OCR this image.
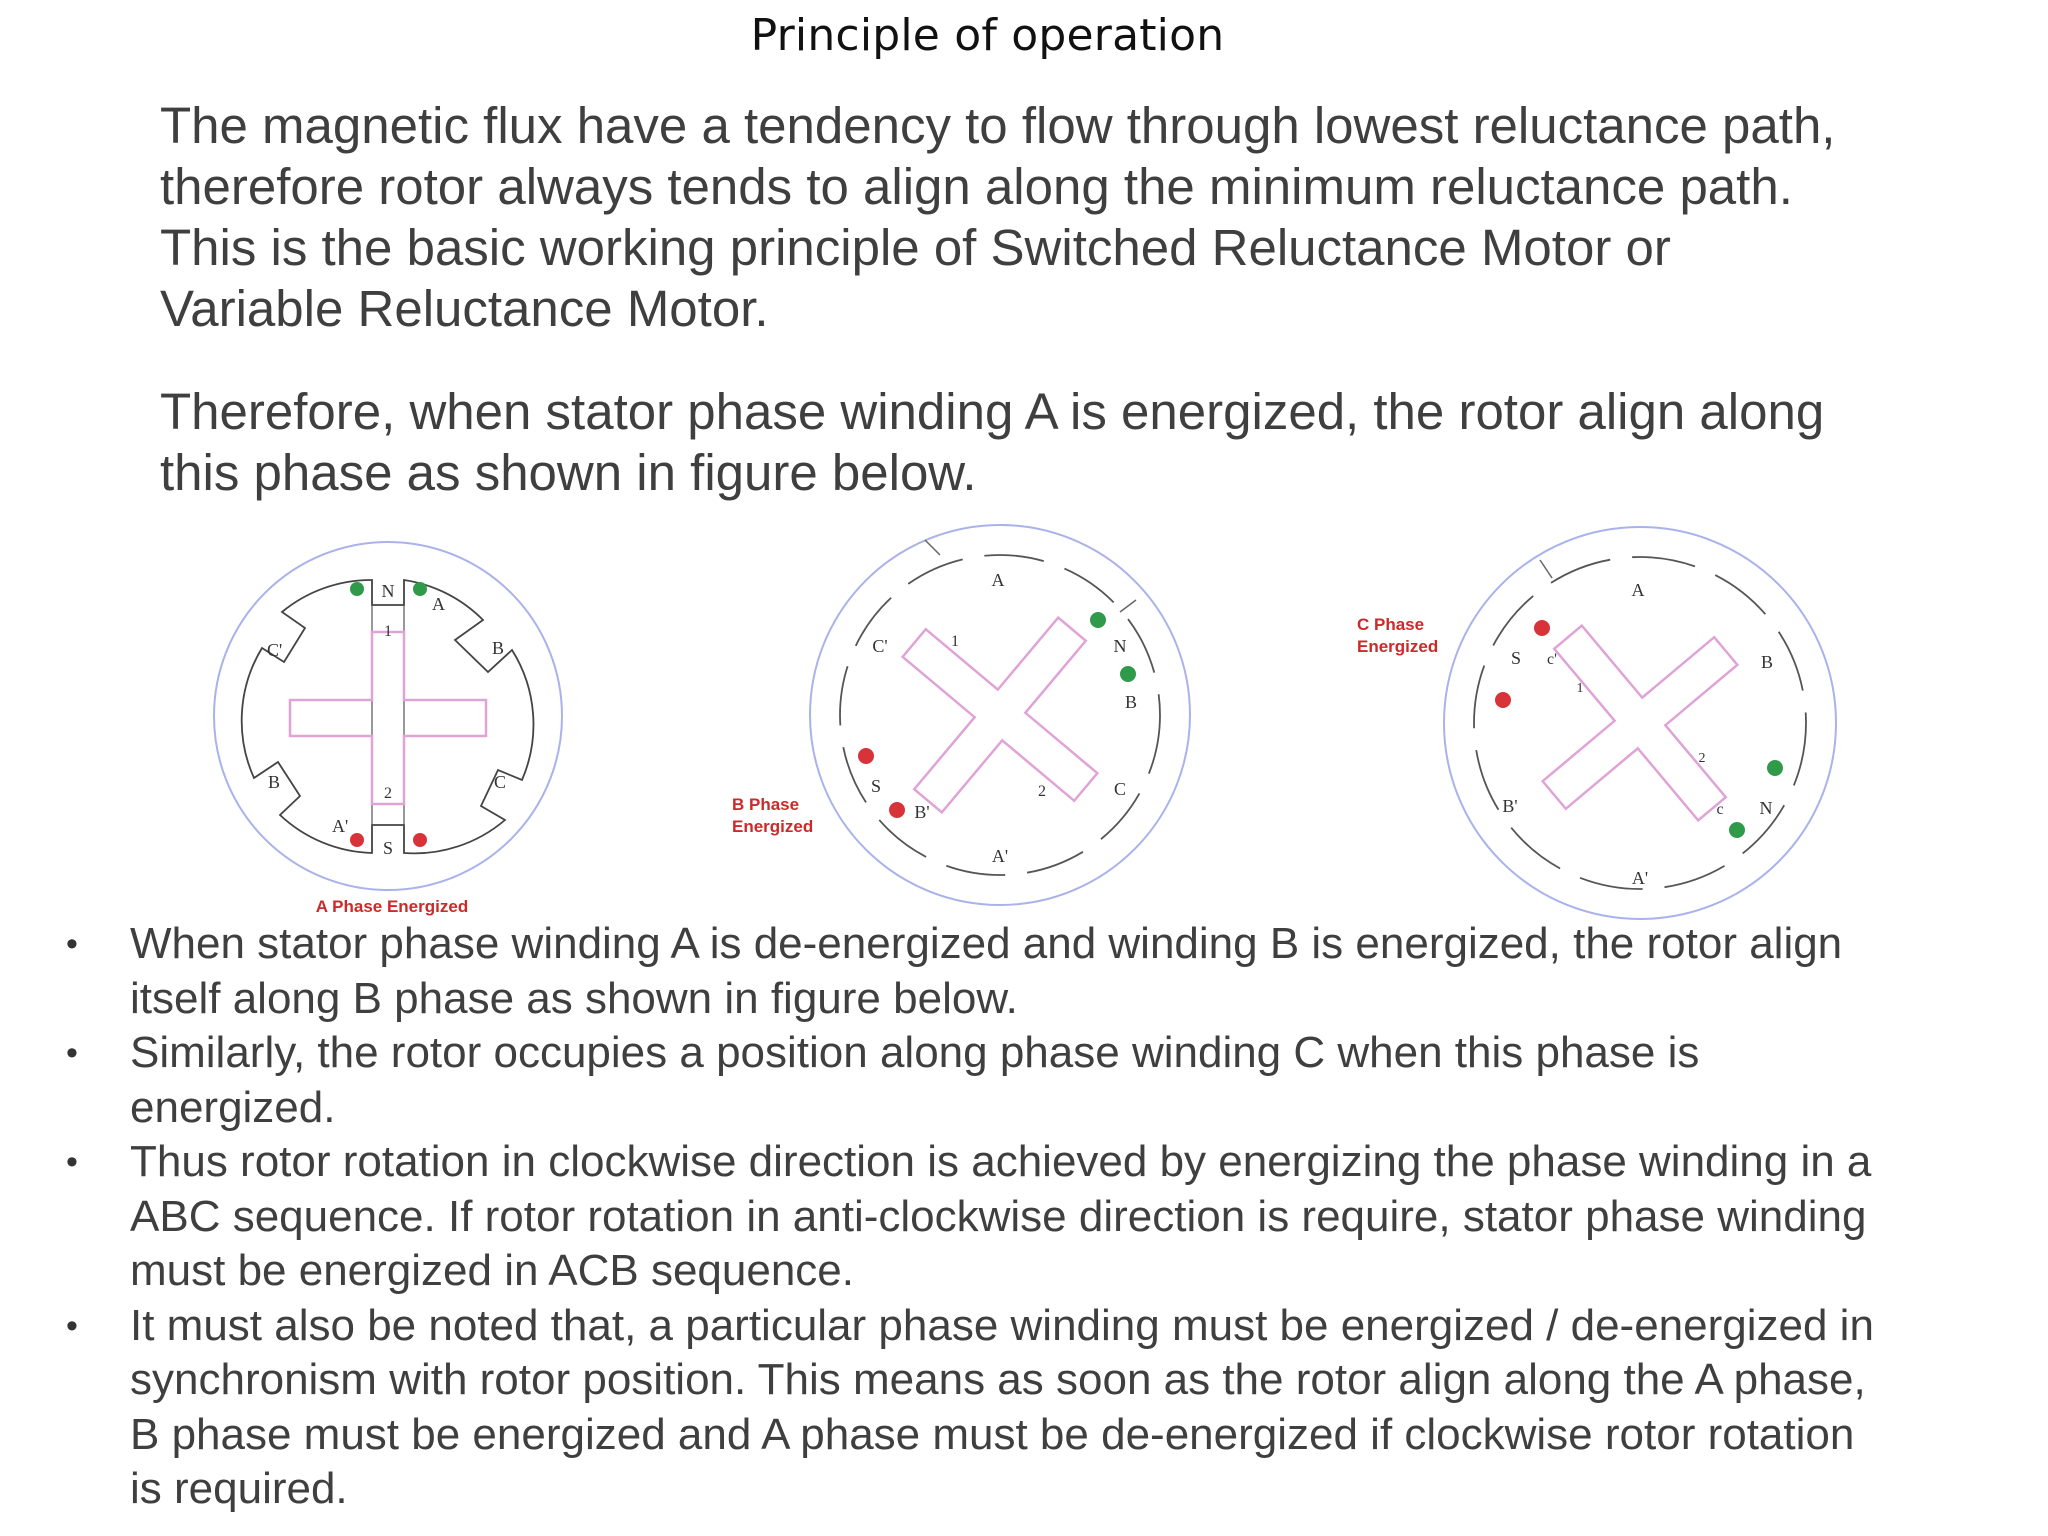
Principle of operation
The magnetic flux have a tendency to flow through lowest reluctance path,
therefore rotor always tends to align along the minimum reluctance path.
This is the basic working principle of Switched Reluctance Motor or
Variable Reluctance Motor.
Therefore, when stator phase winding A is energized, the rotor align along
this phase as shown in figure below.
N
S
A
B
C
C'
B
A'
1
2
A Phase Energized
A
C'
B
C
A'
B'
N
S
1
2
B Phase
Energized
A
B
c'
B'
A'
c
S
N
1
2
C Phase
Energized
• When stator phase winding A is de-energized and winding B is energized, the rotor align
itself along B phase as shown in figure below.
• Similarly, the rotor occupies a position along phase winding C when this phase is
energized.
• Thus rotor rotation in clockwise direction is achieved by energizing the phase winding in a
ABC sequence. If rotor rotation in anti-clockwise direction is require, stator phase winding
must be energized in ACB sequence.
• It must also be noted that, a particular phase winding must be energized / de-energized in
synchronism with rotor position. This means as soon as the rotor align along the A phase,
B phase must be energized and A phase must be de-energized if clockwise rotor rotation
is required.
